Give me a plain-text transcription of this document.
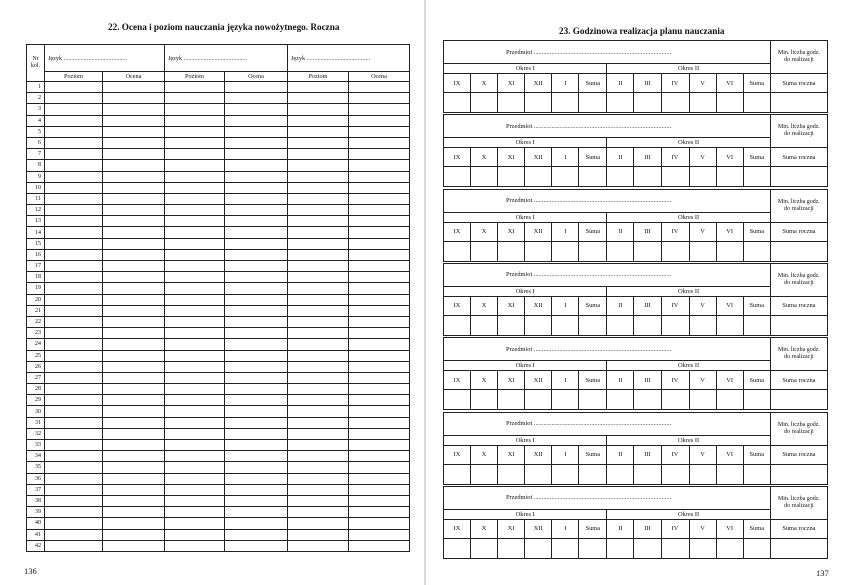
22. Ocena i poziom nauczania języka nowożytnego. Roczna
Nr
kol.	Język .........................................		Język .........................................		Język .........................................	
	Poziom	Ocena	Poziom	Ocena	Poziom	Ocena
1						
2						
3						
4						
5						
6						
7						
8						
9						
10						
11						
12						
13						
14						
15						
16						
17						
18						
19						
20						
21						
22						
23						
24						
25						
26						
27						
28						
29						
30						
31						
32						
33						
34						
35						
36						
37						
38						
39						
40						
41						
42						
136
23. Godzinowa realizacja planu nauczania
137
Przedmiot ......................................................................................												Min. liczba godz.
do realizacji
Okres I						Okres II						
IX	X	XI	XII	I	Suma	II	III	IV	V	VI	Suma	Suma roczna

Przedmiot ......................................................................................												Min. liczba godz.
do realizacji
Okres I						Okres II						
IX	X	XI	XII	I	Suma	II	III	IV	V	VI	Suma	Suma roczna

Przedmiot ......................................................................................												Min. liczba godz.
do realizacji
Okres I						Okres II						
IX	X	XI	XII	I	Suma	II	III	IV	V	VI	Suma	Suma roczna

Przedmiot ......................................................................................												Min. liczba godz.
do realizacji
Okres I						Okres II						
IX	X	XI	XII	I	Suma	II	III	IV	V	VI	Suma	Suma roczna

Przedmiot ......................................................................................												Min. liczba godz.
do realizacji
Okres I						Okres II						
IX	X	XI	XII	I	Suma	II	III	IV	V	VI	Suma	Suma roczna

Przedmiot ......................................................................................												Min. liczba godz.
do realizacji
Okres I						Okres II						
IX	X	XI	XII	I	Suma	II	III	IV	V	VI	Suma	Suma roczna

Przedmiot ......................................................................................												Min. liczba godz.
do realizacji
Okres I						Okres II						
IX	X	XI	XII	I	Suma	II	III	IV	V	VI	Suma	Suma roczna
